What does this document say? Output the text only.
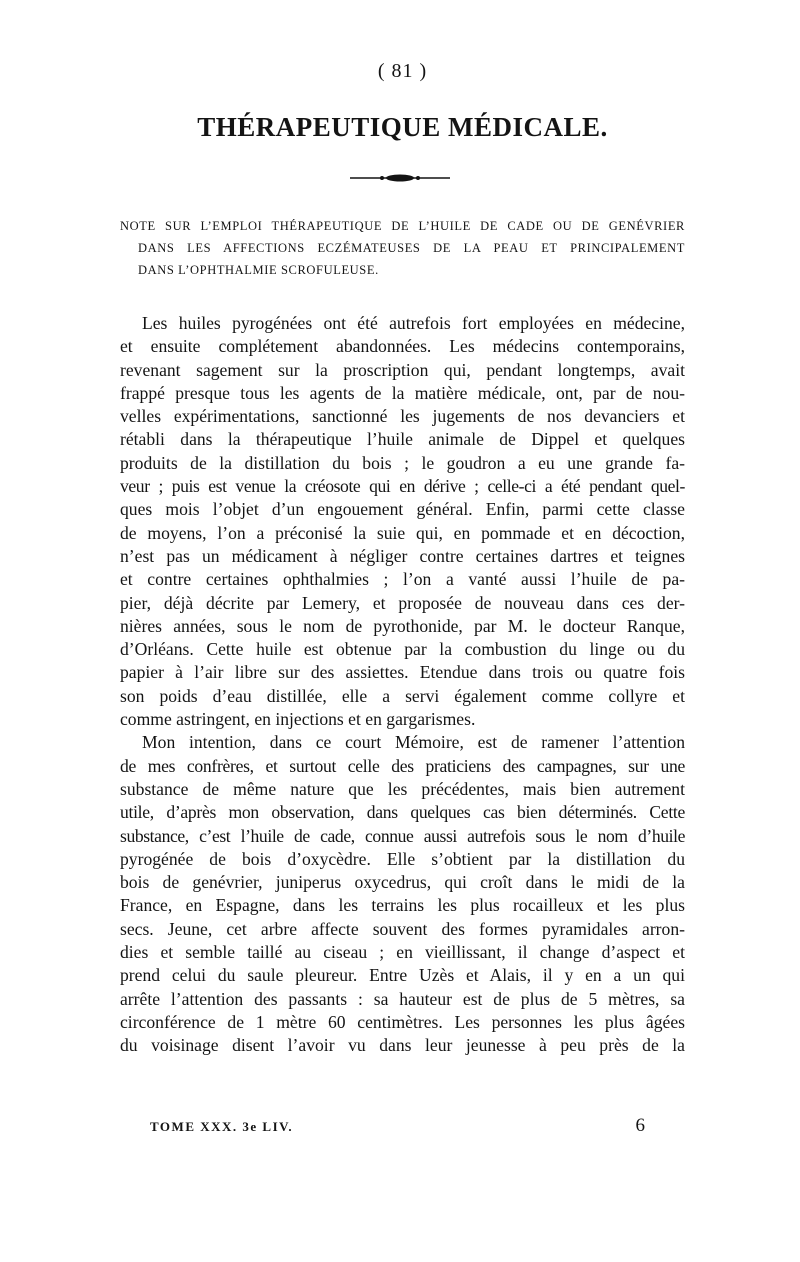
( 81 )
THÉRAPEUTIQUE MÉDICALE.
NOTE SUR L’EMPLOI THÉRAPEUTIQUE DE L’HUILE DE CADE OU DE GENÉVRIER
DANS LES AFFECTIONS ECZÉMATEUSES DE LA PEAU ET PRINCIPALEMENT
DANS L’OPHTHALMIE SCROFULEUSE.
Les huiles pyrogénées ont été autrefois fort employées en médecine,
et ensuite complétement abandonnées. Les médecins contemporains,
revenant sagement sur la proscription qui, pendant longtemps, avait
frappé presque tous les agents de la matière médicale, ont, par de nou-
velles expérimentations, sanctionné les jugements de nos devanciers et
rétabli dans la thérapeutique l’huile animale de Dippel et quelques
produits de la distillation du bois ; le goudron a eu une grande fa-
veur ; puis est venue la créosote qui en dérive ; celle-ci a été pendant quel-
ques mois l’objet d’un engouement général. Enfin, parmi cette classe
de moyens, l’on a préconisé la suie qui, en pommade et en décoction,
n’est pas un médicament à négliger contre certaines dartres et teignes
et contre certaines ophthalmies ; l’on a vanté aussi l’huile de pa-
pier, déjà décrite par Lemery, et proposée de nouveau dans ces der-
nières années, sous le nom de pyrothonide, par M. le docteur Ranque,
d’Orléans. Cette huile est obtenue par la combustion du linge ou du
papier à l’air libre sur des assiettes. Etendue dans trois ou quatre fois
son poids d’eau distillée, elle a servi également comme collyre et
comme astringent, en injections et en gargarismes.
Mon intention, dans ce court Mémoire, est de ramener l’attention
de mes confrères, et surtout celle des praticiens des campagnes, sur une
substance de même nature que les précédentes, mais bien autrement
utile, d’après mon observation, dans quelques cas bien déterminés. Cette
substance, c’est l’huile de cade, connue aussi autrefois sous le nom d’huile
pyrogénée de bois d’oxycèdre. Elle s’obtient par la distillation du
bois de genévrier, juniperus oxycedrus, qui croît dans le midi de la
France, en Espagne, dans les terrains les plus rocailleux et les plus
secs. Jeune, cet arbre affecte souvent des formes pyramidales arron-
dies et semble taillé au ciseau ; en vieillissant, il change d’aspect et
prend celui du saule pleureur. Entre Uzès et Alais, il y en a un qui
arrête l’attention des passants : sa hauteur est de plus de 5 mètres, sa
circonférence de 1 mètre 60 centimètres. Les personnes les plus âgées
du voisinage disent l’avoir vu dans leur jeunesse à peu près de la
TOME XXX. 3e LIV.	6
